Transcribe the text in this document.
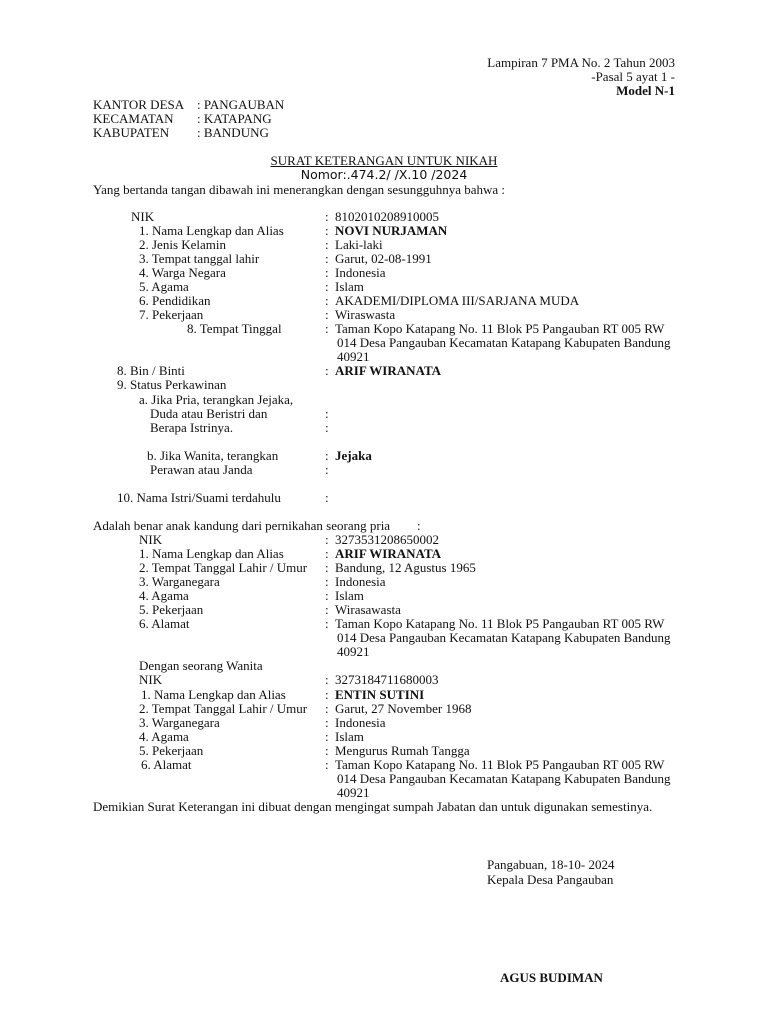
Lampiran 7 PMA No. 2 Tahun 2003
-Pasal 5 ayat 1 -
Model N-1
KANTOR DESA : PANGAUBAN
KECAMATAN : KATAPANG
KABUPATEN : BANDUNG
SURAT KETERANGAN UNTUK NIKAH
Nomor:.474.2/ /X.10 /2024
Yang bertanda tangan dibawah ini menerangkan dengan sesungguhnya bahwa :
NIK	: 8102010208910005
1. Nama Lengkap dan Alias	: NOVI NURJAMAN
2. Jenis Kelamin	: Laki-laki
3. Tempat tanggal lahir	: Garut, 02-08-1991
4. Warga Negara	: Indonesia
5. Agama	: Islam
6. Pendidikan	: AKADEMI/DIPLOMA III/SARJANA MUDA
7. Pekerjaan	: Wiraswasta
8. Tempat Tinggal	: Taman Kopo Katapang No. 11 Blok P5 Pangauban RT 005 RW
014 Desa Pangauban Kecamatan Katapang Kabupaten Bandung
40921
8. Bin / Binti	: ARIF WIRANATA
9. Status Perkawinan
a. Jika Pria, terangkan Jejaka,
Duda atau Beristri dan	:
Berapa Istrinya.	:
b. Jika Wanita, terangkan	: Jejaka
Perawan atau Janda	:
10. Nama Istri/Suami terdahulu	:
Adalah benar anak kandung dari pernikahan seorang pria :
NIK	: 3273531208650002
1. Nama Lengkap dan Alias	: ARIF WIRANATA
2. Tempat Tanggal Lahir / Umur : Bandung, 12 Agustus 1965
3. Warganegara	: Indonesia
4. Agama	: Islam
5. Pekerjaan	: Wirasawasta
6. Alamat	: Taman Kopo Katapang No. 11 Blok P5 Pangauban RT 005 RW
014 Desa Pangauban Kecamatan Katapang Kabupaten Bandung
40921
Dengan seorang Wanita
NIK	: 3273184711680003
1. Nama Lengkap dan Alias	: ENTIN SUTINI
2. Tempat Tanggal Lahir / Umur : Garut, 27 November 1968
3. Warganegara	: Indonesia
4. Agama	: Islam
5. Pekerjaan	: Mengurus Rumah Tangga
6. Alamat	: Taman Kopo Katapang No. 11 Blok P5 Pangauban RT 005 RW
014 Desa Pangauban Kecamatan Katapang Kabupaten Bandung
40921
Demikian Surat Keterangan ini dibuat dengan mengingat sumpah Jabatan dan untuk digunakan semestinya.
Pangabuan, 18-10- 2024
Kepala Desa Pangauban
AGUS BUDIMAN
